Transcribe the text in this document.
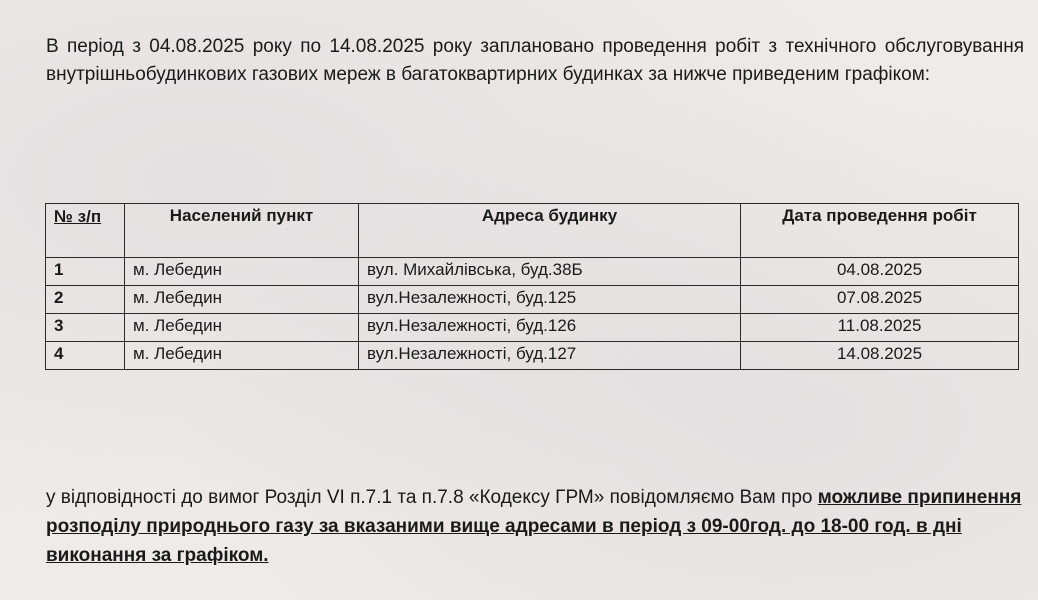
В період з 04.08.2025 року по 14.08.2025 року заплановано проведення робіт з технічного обслуговування внутрішньобудинкових газових мереж в багатоквартирних будинках за нижче приведеним графіком:

№ з/п	Населений пункт	Адреса будинку	Дата проведення робіт
1	м. Лебедин	вул. Михайлівська, буд.38Б	04.08.2025
2	м. Лебедин	вул.Незалежності, буд.125	07.08.2025
3	м. Лебедин	вул.Незалежності, буд.126	11.08.2025
4	м. Лебедин	вул.Незалежності, буд.127	14.08.2025

у відповідності до вимог Розділ VI п.7.1 та п.7.8 «Кодексу ГРМ» повідомляємо Вам про можливе припинення розподілу природнього газу за вказаними вище адресами в період з 09-00год. до 18-00 год. в дні виконання за графіком.
